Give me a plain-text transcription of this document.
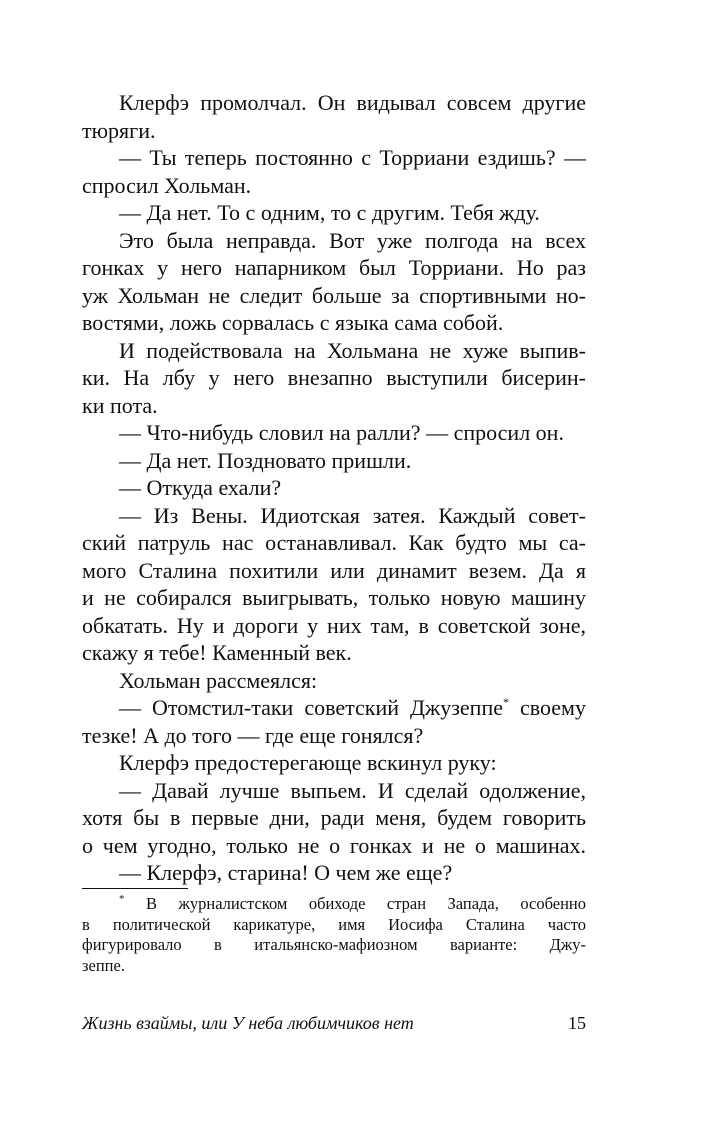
Клерфэ промолчал. Он видывал совсем другие
тюряги.
— Ты теперь постоянно с Торриани ездишь? —
спросил Хольман.
— Да нет. То с одним, то с другим. Тебя жду.
Это была неправда. Вот уже полгода на всех
гонках у него напарником был Торриани. Но раз
уж Хольман не следит больше за спортивными но-
востями, ложь сорвалась с языка сама собой.
И подействовала на Хольмана не хуже выпив-
ки. На лбу у него внезапно выступили бисерин-
ки пота.
— Что-нибудь словил на ралли? — спросил он.
— Да нет. Поздновато пришли.
— Откуда ехали?
— Из Вены. Идиотская затея. Каждый совет-
ский патруль нас останавливал. Как будто мы са-
мого Сталина похитили или динамит везем. Да я
и не собирался выигрывать, только новую машину
обкатать. Ну и дороги у них там, в советской зоне,
скажу я тебе! Каменный век.
Хольман рассмеялся:
— Отомстил-таки советский Джузеппе* своему
тезке! А до того — где еще гонялся?
Клерфэ предостерегающе вскинул руку:
— Давай лучше выпьем. И сделай одолжение,
хотя бы в первые дни, ради меня, будем говорить
о чем угодно, только не о гонках и не о машинах.
— Клерфэ, старина! О чем же еще?
* В журналистском обиходе стран Запада, особенно
в политической карикатуре, имя Иосифа Сталина часто
фигурировало в итальянско-мафиозном варианте: Джу-
зеппе.
Жизнь взаймы, или У неба любимчиков нет	15
